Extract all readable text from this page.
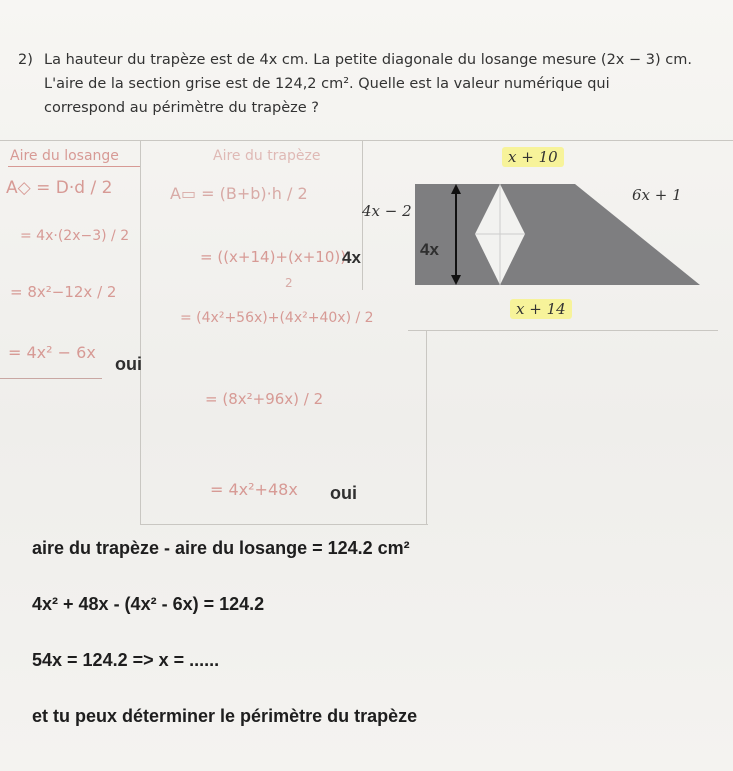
2) La hauteur du trapèze est de 4x cm. La petite diagonale du losange mesure (2x − 3) cm.
L'aire de la section grise est de 124,2 cm². Quelle est la valeur numérique qui
correspond au périmètre du trapèze ?
Aire du losange
A◇ = D·d / 2
= 4x·(2x−3) / 2
= 8x²−12x / 2
= 4x² − 6x
oui
Aire du trapèze
A▭ = (B+b)·h / 2
= ((x+14)+(x+10))
4x
2
= (4x²+56x)+(4x²+40x) / 2
= (8x²+96x) / 2
= 4x²+48x oui
x + 10
6x + 1
4x − 2
4x
x + 14
aire du trapèze - aire du losange = 124.2 cm²
4x² + 48x - (4x² - 6x) = 124.2
54x = 124.2 => x = ......
et tu peux déterminer le périmètre du trapèze
